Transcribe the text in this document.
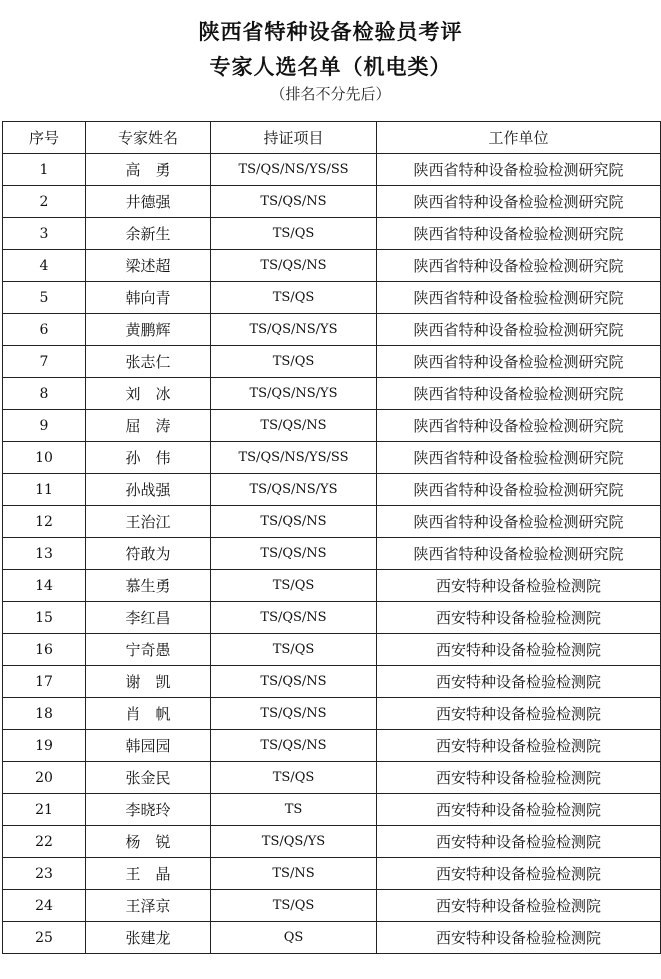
陕西省特种设备检验员考评
专家人选名单（机电类）
（排名不分先后）
序号	专家姓名	持证项目	工作单位
1	高　勇	TS/QS/NS/YS/SS	陕西省特种设备检验检测研究院
2	井德强	TS/QS/NS	陕西省特种设备检验检测研究院
3	余新生	TS/QS	陕西省特种设备检验检测研究院
4	梁述超	TS/QS/NS	陕西省特种设备检验检测研究院
5	韩向青	TS/QS	陕西省特种设备检验检测研究院
6	黄鹏辉	TS/QS/NS/YS	陕西省特种设备检验检测研究院
7	张志仁	TS/QS	陕西省特种设备检验检测研究院
8	刘　冰	TS/QS/NS/YS	陕西省特种设备检验检测研究院
9	屈　涛	TS/QS/NS	陕西省特种设备检验检测研究院
10	孙　伟	TS/QS/NS/YS/SS	陕西省特种设备检验检测研究院
11	孙战强	TS/QS/NS/YS	陕西省特种设备检验检测研究院
12	王治江	TS/QS/NS	陕西省特种设备检验检测研究院
13	符敢为	TS/QS/NS	陕西省特种设备检验检测研究院
14	慕生勇	TS/QS	西安特种设备检验检测院
15	李红昌	TS/QS/NS	西安特种设备检验检测院
16	宁奇愚	TS/QS	西安特种设备检验检测院
17	谢　凯	TS/QS/NS	西安特种设备检验检测院
18	肖　帆	TS/QS/NS	西安特种设备检验检测院
19	韩园园	TS/QS/NS	西安特种设备检验检测院
20	张金民	TS/QS	西安特种设备检验检测院
21	李晓玲	TS	西安特种设备检验检测院
22	杨　锐	TS/QS/YS	西安特种设备检验检测院
23	王　晶	TS/NS	西安特种设备检验检测院
24	王泽京	TS/QS	西安特种设备检验检测院
25	张建龙	QS	西安特种设备检验检测院
